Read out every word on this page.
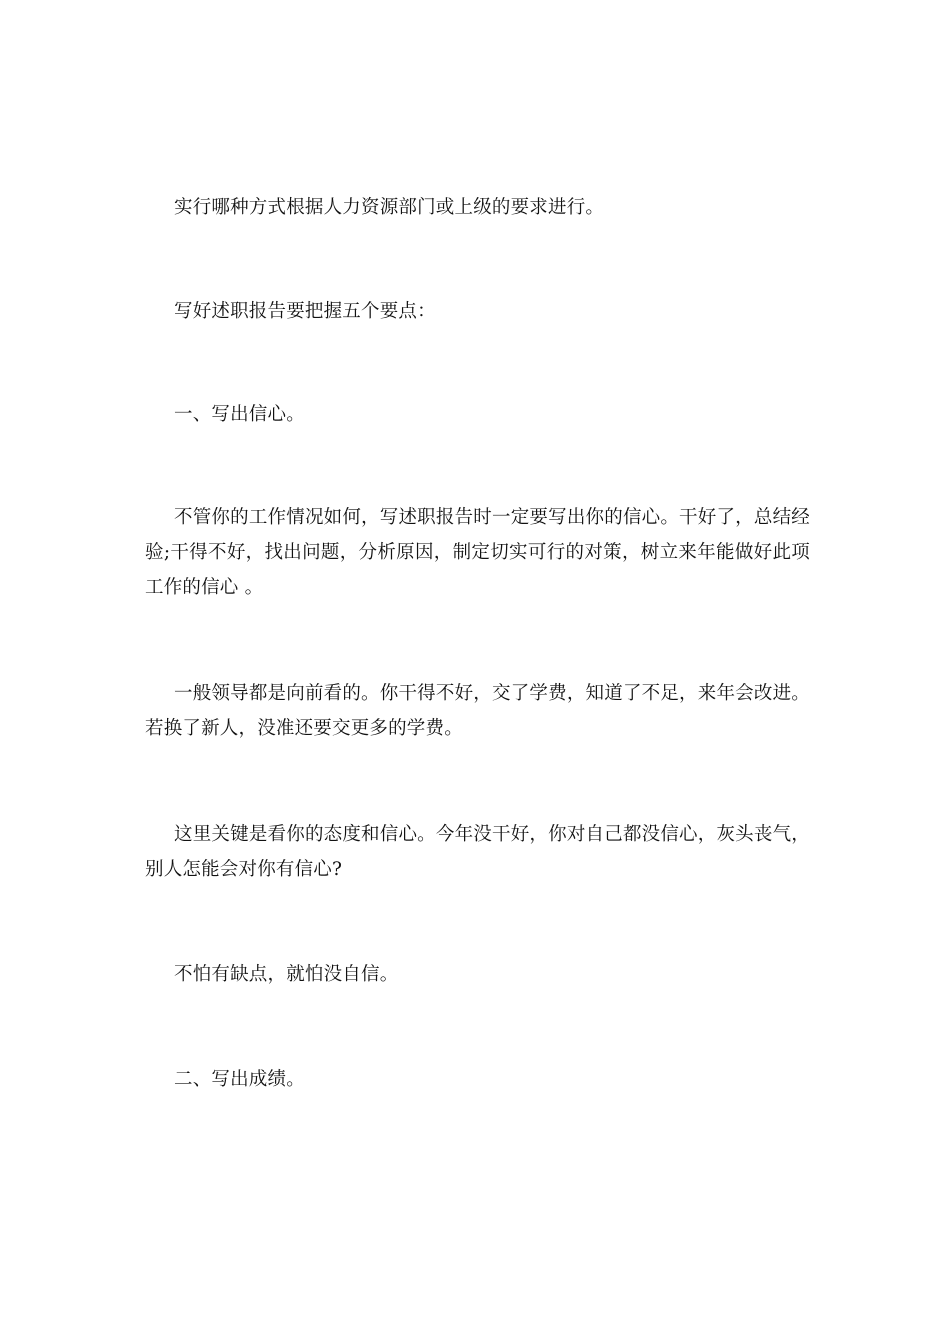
实行哪种方式根据人力资源部门或上级的要求进行。

写好述职报告要把握五个要点：

一、写出信心。

不管你的工作情况如何，写述职报告时一定要写出你的信心。干好了，总结经验;干得不好，找出问题，分析原因，制定切实可行的对策，树立来年能做好此项工作的信心 。

一般领导都是向前看的。你干得不好，交了学费，知道了不足，来年会改进。若换了新人，没准还要交更多的学费。

这里关键是看你的态度和信心。今年没干好，你对自己都没信心，灰头丧气，别人怎能会对你有信心?

不怕有缺点，就怕没自信。

二、写出成绩。
